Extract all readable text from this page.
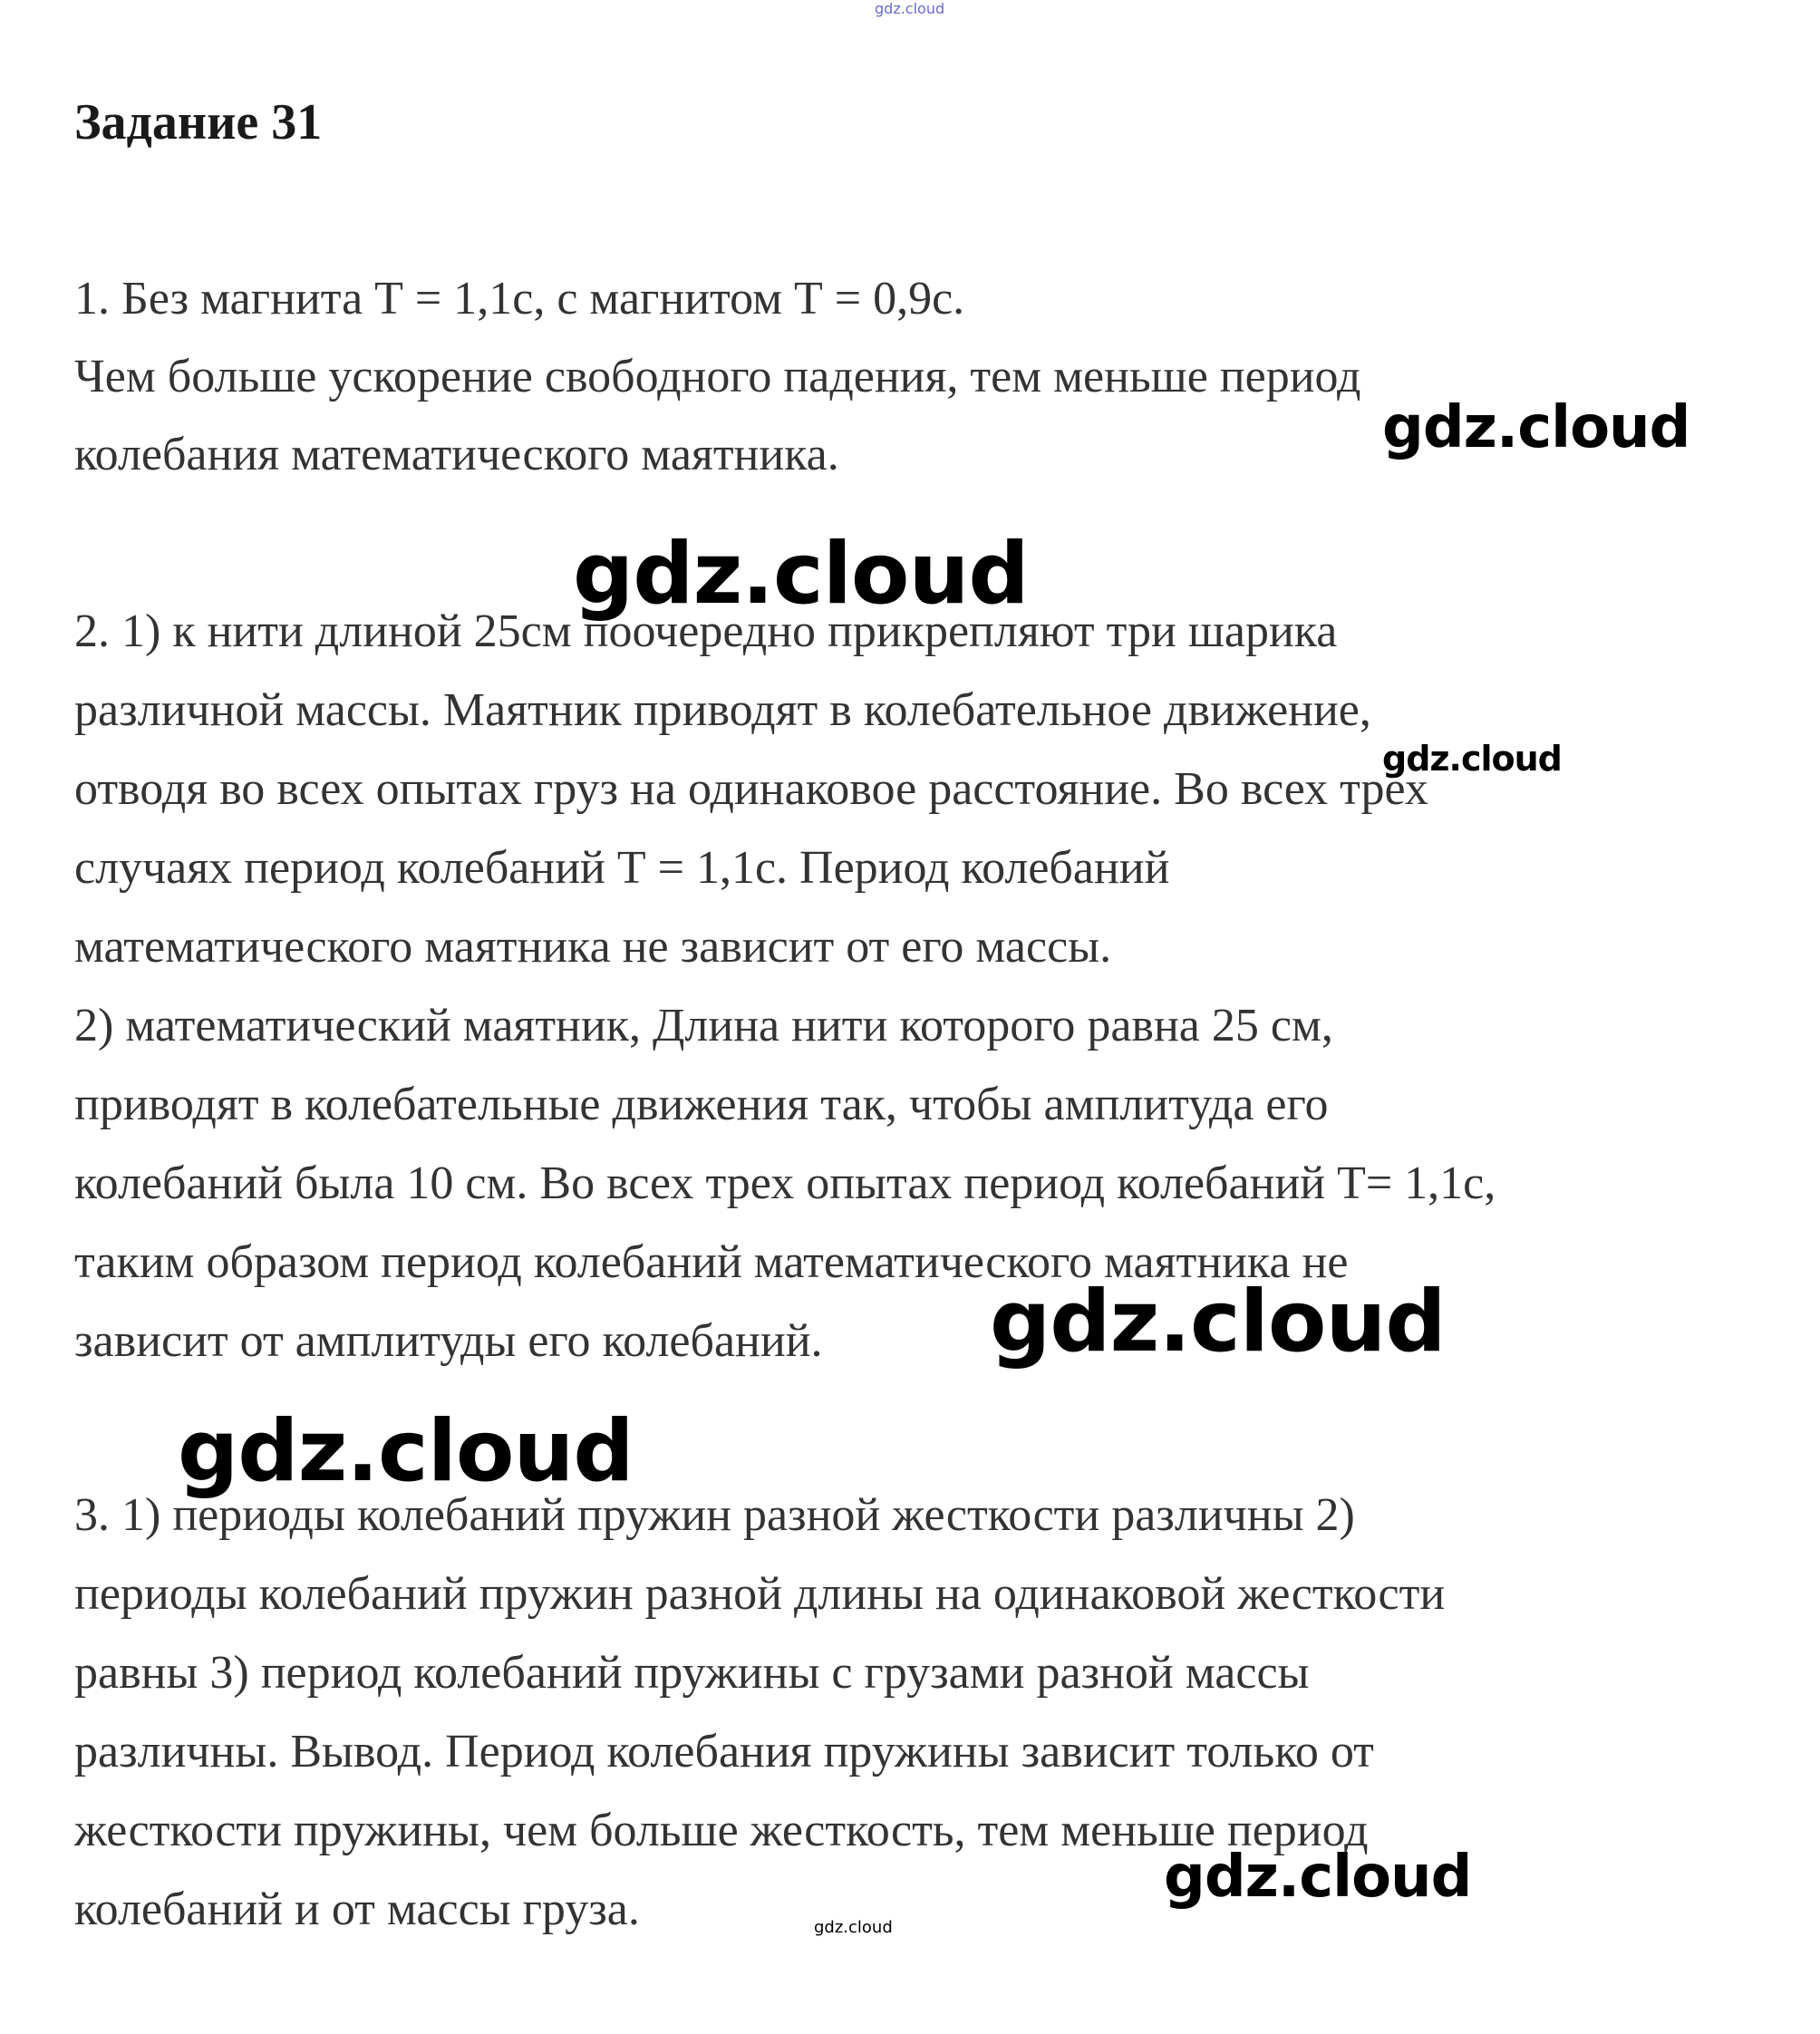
gdz.cloud
Задание 31
1. Без магнита Т = 1,1с, с магнитом Т = 0,9с.
Чем больше ускорение свободного падения, тем меньше период
колебания математического маятника.
2. 1) к нити длиной 25см поочередно прикрепляют три шарика
различной массы. Маятник приводят в колебательное движение,
отводя во всех опытах груз на одинаковое расстояние. Во всех трех
случаях период колебаний Т = 1,1с. Период колебаний
математического маятника не зависит от его массы.
2) математический маятник, Длина нити которого равна 25 см,
приводят в колебательные движения так, чтобы амплитуда его
колебаний была 10 см. Во всех трех опытах период колебаний Т= 1,1с,
таким образом период колебаний математического маятника не
зависит от амплитуды его колебаний.
3. 1) периоды колебаний пружин разной жесткости различны 2)
периоды колебаний пружин разной длины на одинаковой жесткости
равны 3) период колебаний пружины с грузами разной массы
различны. Вывод. Период колебания пружины зависит только от
жесткости пружины, чем больше жесткость, тем меньше период
колебаний и от массы груза.
gdz.cloud
gdz.cloud
gdz.cloud
gdz.cloud
gdz.cloud
gdz.cloud
gdz.cloud
